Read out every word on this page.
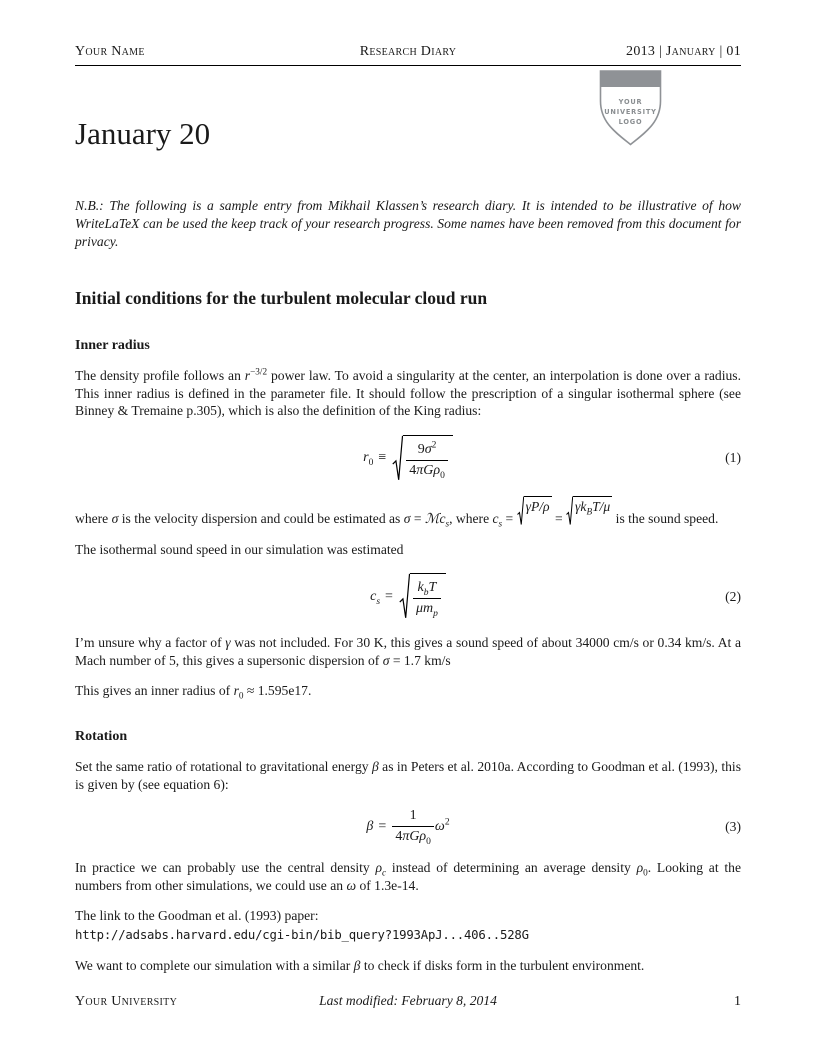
YOUR
UNIVERSITY
LOGO
Your Name	Research Diary	2013 | January | 01
January 20

N.B.: The following is a sample entry from Mikhail Klassen’s research diary. It is intended to be illustrative of how WriteLaTeX can be used the keep track of your research progress. Some names have been removed from this document for privacy.

Initial conditions for the turbulent molecular cloud run
Inner radius

The density profile follows an $r^{-3/2}$ power law. To avoid a singularity at the center, an interpolation is done over a radius. This inner radius is defined in the parameter file. It should follow the prescription of a singular isothermal sphere (see Binney & Tremaine p.305), which is also the definition of the King radius:

$r_0 \equiv \frac{9\sigma^2}{4\pi G\rho_0}$	(1)

where σ is the velocity dispersion and could be estimated as σ = ℳc$_s$, where $c_s$ =
γP/ρ
=
$\gamma k_BT/\mu$
is the sound speed.

The isothermal sound speed in our simulation was estimated

$c_s = \frac{k_bT}{\mu m_p}$	(2)

I’m unsure why a factor of γ was not included. For 30 K, this gives a sound speed of about 34000 cm/s or 0.34 km/s. At a Mach number of 5, this gives a supersonic dispersion of σ = 1.7 km/s

This gives an inner radius of $r_0 \approx 1.595e17$.

Rotation

Set the same ratio of rotational to gravitational energy β as in Peters et al. 2010a. According to Goodman et al. (1993), this is given by (see equation 6):

$\beta = \frac{1}{4\pi G\rho_0} \omega^2$	(3)

In practice we can probably use the central density $\rho_c$ instead of determining an average density $\rho_0$. Looking at the numbers from other simulations, we could use an ω of 1.3e-14.

The link to the Goodman et al. (1993) paper:
http://adsabs.harvard.edu/cgi-bin/bib_query?1993ApJ...406..528G

We want to complete our simulation with a similar β to check if disks form in the turbulent environment.

Your University	Last modified: February 8, 2014	1
